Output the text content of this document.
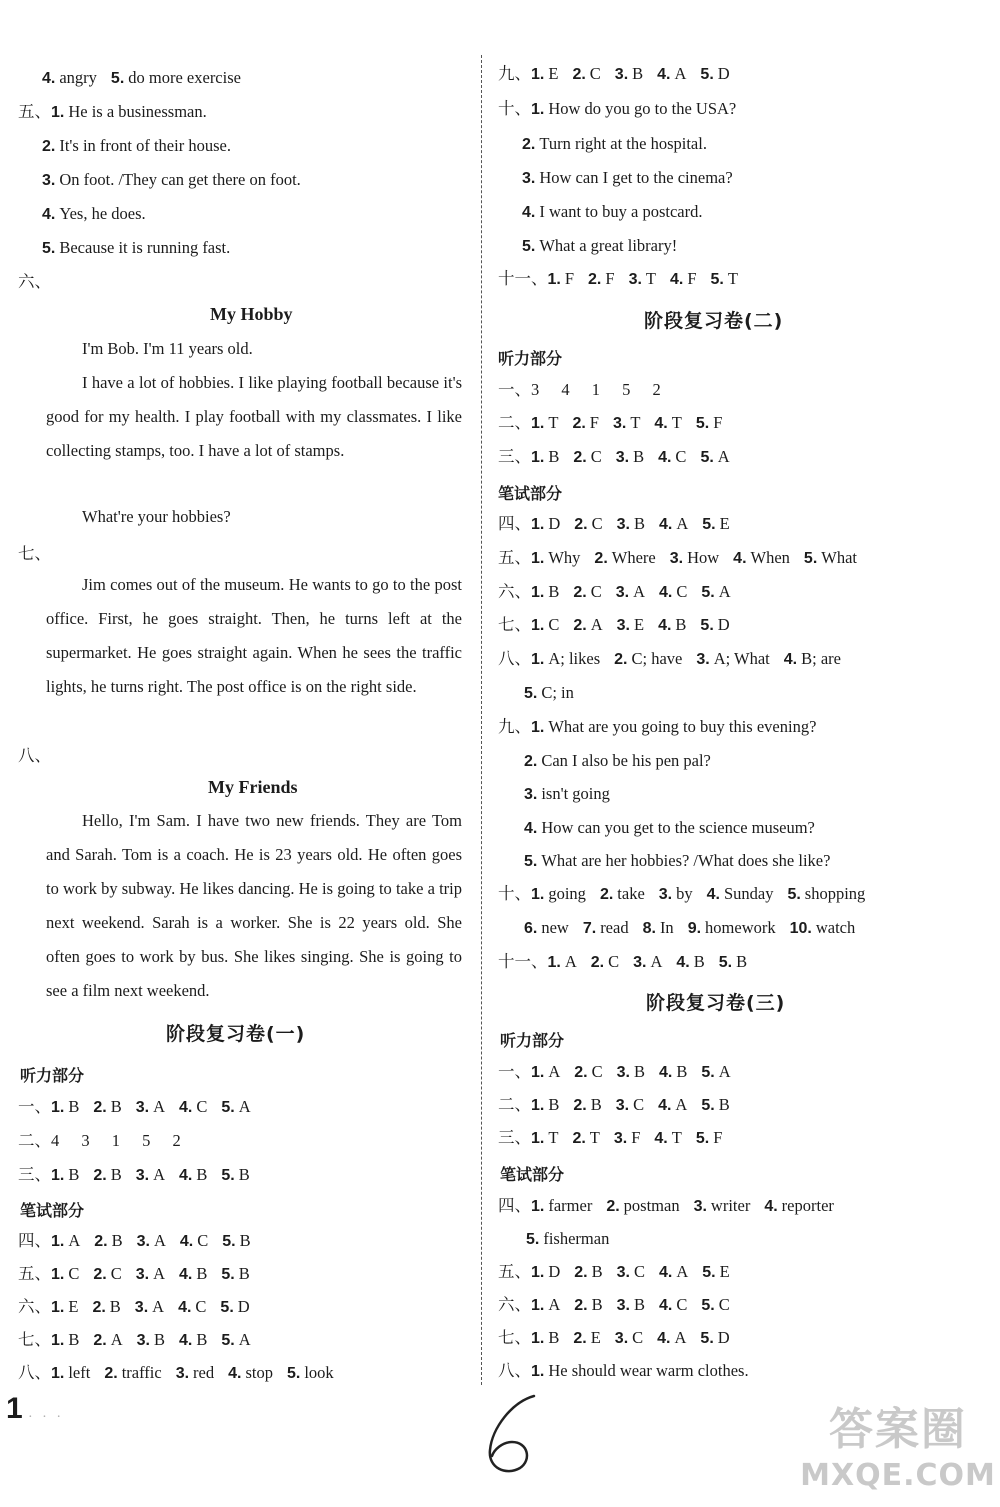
4. angry 5. do more exercise
五、1. He is a businessman.
2. It's in front of their house.
3. On foot. /They can get there on foot.
4. Yes, he does.
5. Because it is running fast.
六、
My Hobby
I'm Bob. I'm 11 years old.
I have a lot of hobbies. I like playing football because it's good for my health. I play football with my classmates. I like collecting stamps, too. I have a lot of stamps.
What're your hobbies?
七、
Jim comes out of the museum. He wants to go to the post office. First, he goes straight. Then, he turns left at the supermarket. He goes straight again. When he sees the traffic lights, he turns right. The post office is on the right side.
八、
My Friends
Hello, I'm Sam. I have two new friends. They are Tom and Sarah. Tom is a coach. He is 23 years old. He often goes to work by subway. He likes dancing. He is going to take a trip next weekend. Sarah is a worker. She is 22 years old. She often goes to work by bus. She likes singing. She is going to see a film next weekend.
阶段复习卷(一)
听力部分
一、1. B 2. B 3. A 4. C 5. A
二、4 3 1 5 2
三、1. B 2. B 3. A 4. B 5. B
笔试部分
四、1. A 2. B 3. A 4. C 5. B
五、1. C 2. C 3. A 4. B 5. B
六、1. E 2. B 3. A 4. C 5. D
七、1. B 2. A 3. B 4. B 5. A
八、1. left 2. traffic 3. red 4. stop 5. look
1 · · ·
九、1. E 2. C 3. B 4. A 5. D
十、1. How do you go to the USA?
2. Turn right at the hospital.
3. How can I get to the cinema?
4. I want to buy a postcard.
5. What a great library!
十一、1. F 2. F 3. T 4. F 5. T
阶段复习卷(二)
听力部分
一、3 4 1 5 2
二、1. T 2. F 3. T 4. T 5. F
三、1. B 2. C 3. B 4. C 5. A
笔试部分
四、1. D 2. C 3. B 4. A 5. E
五、1. Why 2. Where 3. How 4. When 5. What
六、1. B 2. C 3. A 4. C 5. A
七、1. C 2. A 3. E 4. B 5. D
八、1. A; likes 2. C; have 3. A; What 4. B; are
5. C; in
九、1. What are you going to buy this evening?
2. Can I also be his pen pal?
3. isn't going
4. How can you get to the science museum?
5. What are her hobbies? /What does she like?
十、1. going 2. take 3. by 4. Sunday 5. shopping
6. new 7. read 8. In 9. homework 10. watch
十一、1. A 2. C 3. A 4. B 5. B
阶段复习卷(三)
听力部分
一、1. A 2. C 3. B 4. B 5. A
二、1. B 2. B 3. C 4. A 5. B
三、1. T 2. T 3. F 4. T 5. F
笔试部分
四、1. farmer 2. postman 3. writer 4. reporter
5. fisherman
五、1. D 2. B 3. C 4. A 5. E
六、1. A 2. B 3. B 4. C 5. C
七、1. B 2. E 3. C 4. A 5. D
八、1. He should wear warm clothes.
答案圈
MXQE.COM
